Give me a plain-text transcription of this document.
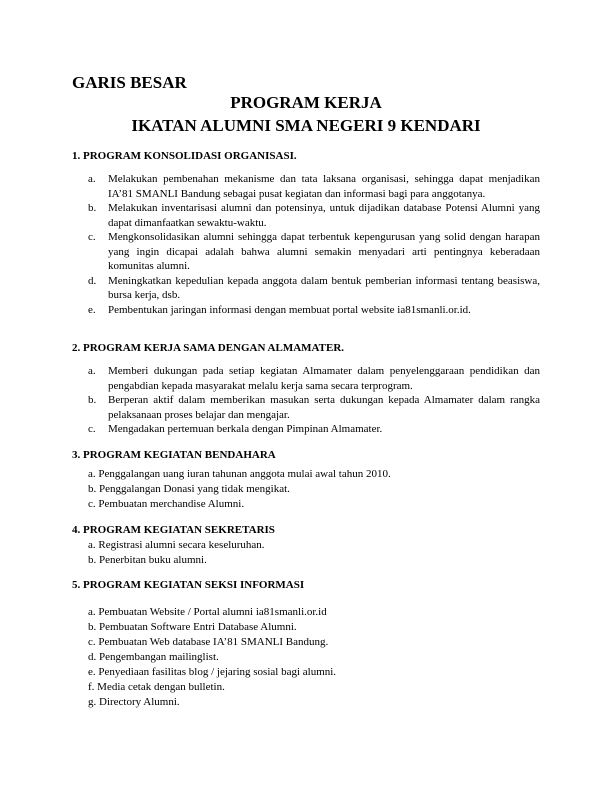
GARIS BESAR
PROGRAM KERJA
IKATAN ALUMNI SMA NEGERI 9 KENDARI
1. PROGRAM KONSOLIDASI ORGANISASI.
a. Melakukan pembenahan mekanisme dan tata laksana organisasi, sehingga dapat menjadikan IA’81 SMANLI Bandung sebagai pusat kegiatan dan informasi bagi para anggotanya.
b. Melakukan inventarisasi alumni dan potensinya, untuk dijadikan database Potensi Alumni yang dapat dimanfaatkan sewaktu-waktu.
c. Mengkonsolidasikan alumni sehingga dapat terbentuk kepengurusan yang solid dengan harapan yang ingin dicapai adalah bahwa alumni semakin menyadari arti pentingnya keberadaan komunitas alumni.
d. Meningkatkan kepedulian kepada anggota dalam bentuk pemberian informasi tentang beasiswa, bursa kerja, dsb.
e. Pembentukan jaringan informasi dengan membuat portal website ia81smanli.or.id.
2. PROGRAM KERJA SAMA DENGAN ALMAMATER.
a. Memberi dukungan pada setiap kegiatan Almamater dalam penyelenggaraan pendidikan dan pengabdian kepada masyarakat melalu kerja sama secara terprogram.
b. Berperan aktif dalam memberikan masukan serta dukungan kepada Almamater dalam rangka pelaksanaan proses belajar dan mengajar.
c. Mengadakan pertemuan berkala dengan Pimpinan Almamater.
3. PROGRAM KEGIATAN BENDAHARA
a. Penggalangan uang iuran tahunan anggota mulai awal tahun 2010.
b. Penggalangan Donasi yang tidak mengikat.
c. Pembuatan merchandise Alumni.
4. PROGRAM KEGIATAN SEKRETARIS
a. Registrasi alumni secara keseluruhan.
b. Penerbitan buku alumni.
5. PROGRAM KEGIATAN SEKSI INFORMASI
a. Pembuatan Website / Portal alumni ia81smanli.or.id
b. Pembuatan Software Entri Database Alumni.
c. Pembuatan Web database IA’81 SMANLI Bandung.
d. Pengembangan mailinglist.
e. Penyediaan fasilitas blog / jejaring sosial bagi alumni.
f. Media cetak dengan bulletin.
g. Directory Alumni.
